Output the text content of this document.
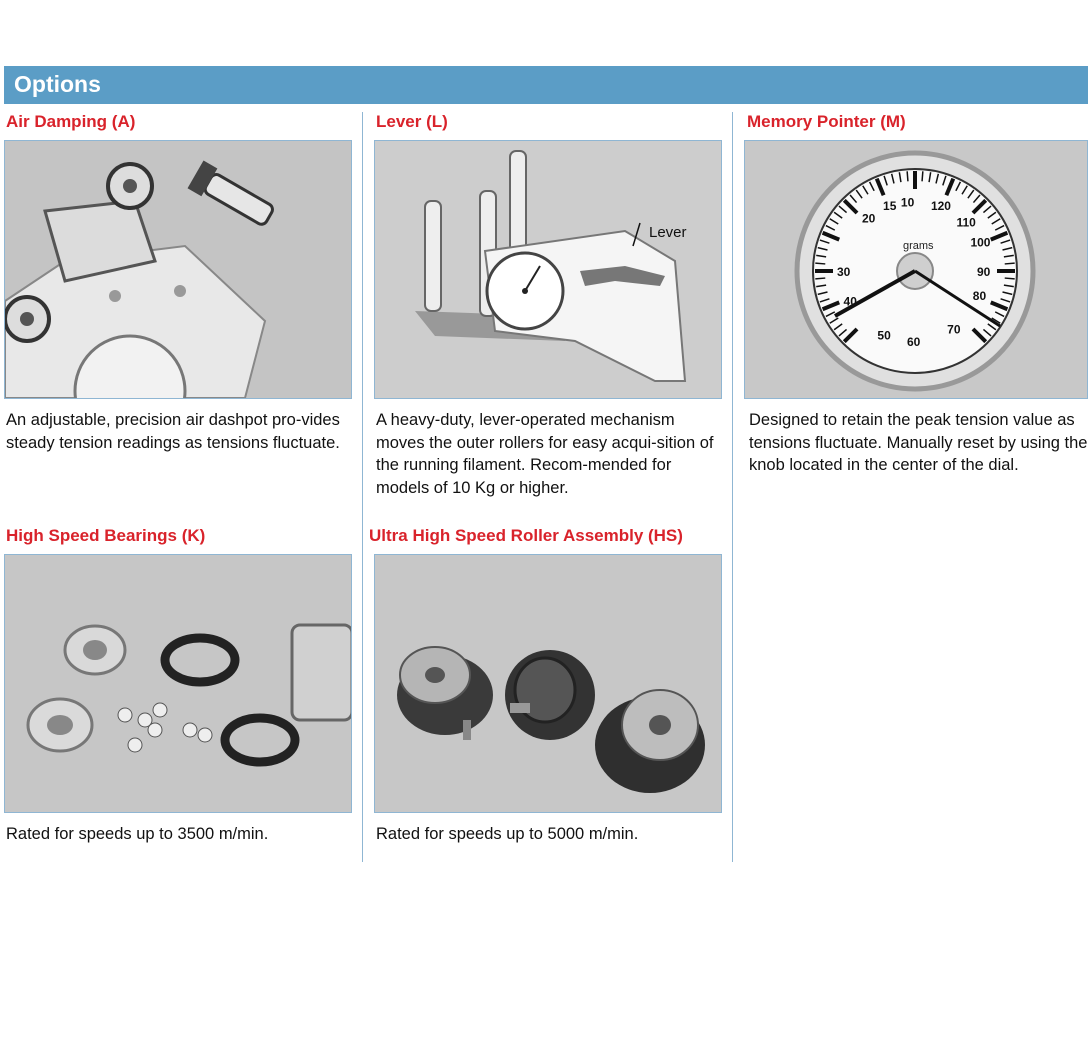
Options
Air Damping (A)
An adjustable, precision air dashpot pro-vides steady tension readings as tensions fluctuate.
Lever (L)
Lever
A heavy-duty, lever-operated mechanism moves the outer rollers for easy acqui-sition of the running filament. Recom-mended for models of 10 Kg or higher.
Memory Pointer (M)
10
15
20
30
40
50 60
70
80
90
100
110
120
grams
Designed to retain the peak tension value as tensions fluctuate. Manually reset by using the knob located in the center of the dial.
High Speed Bearings (K)
Rated for speeds up to 3500 m/min.
Ultra High Speed Roller Assembly (HS)
Rated for speeds up to 5000 m/min.
